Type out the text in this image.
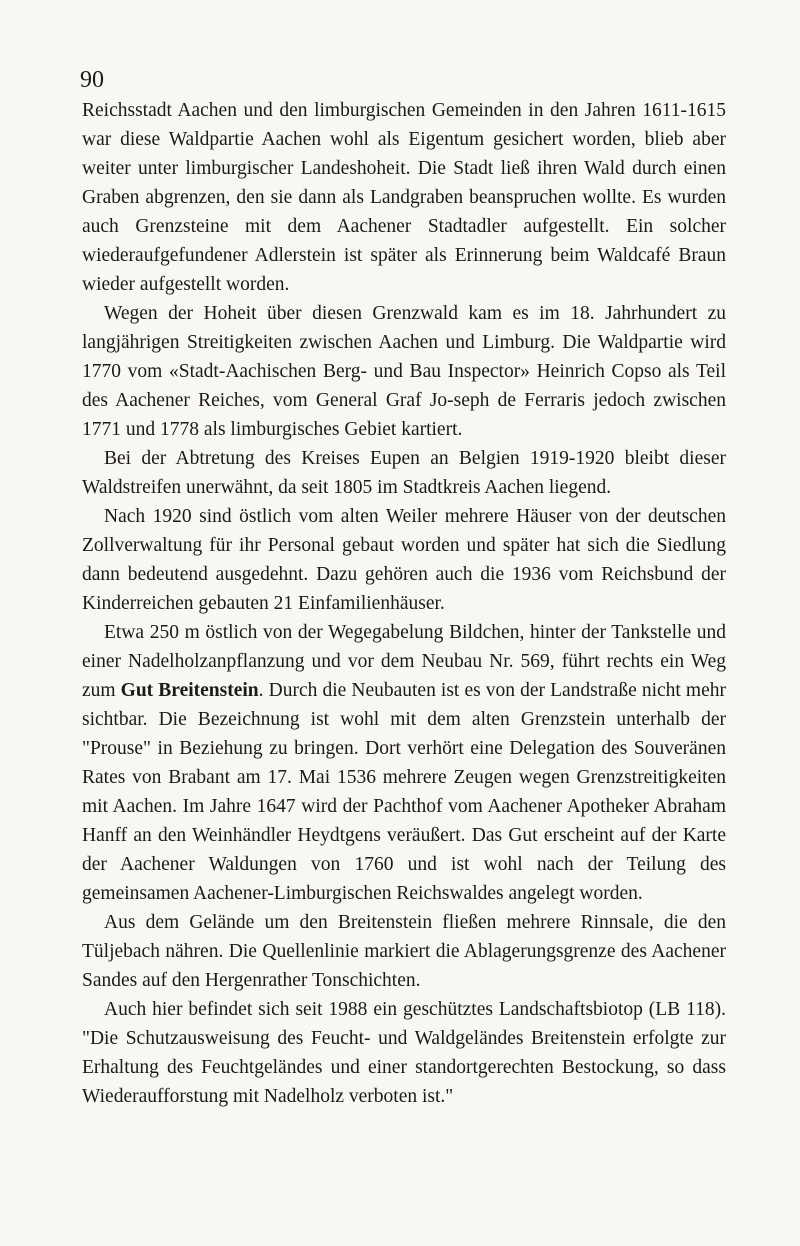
90

Reichsstadt Aachen und den limburgischen Gemeinden in den Jahren 1611-1615 war diese Waldpartie Aachen wohl als Eigentum gesichert worden, blieb aber weiter unter limburgischer Landeshoheit. Die Stadt ließ ihren Wald durch einen Graben abgrenzen, den sie dann als Landgraben beanspruchen wollte. Es wurden auch Grenzsteine mit dem Aachener Stadtadler aufgestellt. Ein solcher wiederaufgefundener Adlerstein ist später als Erinnerung beim Waldcafé Braun wieder aufgestellt worden.

Wegen der Hoheit über diesen Grenzwald kam es im 18. Jahrhundert zu langjährigen Streitigkeiten zwischen Aachen und Limburg. Die Waldpartie wird 1770 vom «Stadt-Aachischen Berg- und Bau Inspector» Heinrich Copso als Teil des Aachener Reiches, vom General Graf Jo-seph de Ferraris jedoch zwischen 1771 und 1778 als limburgisches Gebiet kartiert.

Bei der Abtretung des Kreises Eupen an Belgien 1919-1920 bleibt dieser Waldstreifen unerwähnt, da seit 1805 im Stadtkreis Aachen liegend.

Nach 1920 sind östlich vom alten Weiler mehrere Häuser von der deutschen Zollverwaltung für ihr Personal gebaut worden und später hat sich die Siedlung dann bedeutend ausgedehnt. Dazu gehören auch die 1936 vom Reichsbund der Kinderreichen gebauten 21 Einfamilienhäuser.

Etwa 250 m östlich von der Wegegabelung Bildchen, hinter der Tankstelle und einer Nadelholzanpflanzung und vor dem Neubau Nr. 569, führt rechts ein Weg zum Gut Breitenstein. Durch die Neubauten ist es von der Landstraße nicht mehr sichtbar. Die Bezeichnung ist wohl mit dem alten Grenzstein unterhalb der "Prouse" in Beziehung zu bringen. Dort verhört eine Delegation des Souveränen Rates von Brabant am 17. Mai 1536 mehrere Zeugen wegen Grenzstreitigkeiten mit Aachen. Im Jahre 1647 wird der Pachthof vom Aachener Apotheker Abraham Hanff an den Weinhändler Heydtgens veräußert. Das Gut erscheint auf der Karte der Aachener Waldungen von 1760 und ist wohl nach der Teilung des gemeinsamen Aachener-Limburgischen Reichswaldes angelegt worden.

Aus dem Gelände um den Breitenstein fließen mehrere Rinnsale, die den Tüljebach nähren. Die Quellenlinie markiert die Ablagerungsgrenze des Aachener Sandes auf den Hergenrather Tonschichten.

Auch hier befindet sich seit 1988 ein geschütztes Landschaftsbiotop (LB 118). "Die Schutzausweisung des Feucht- und Waldgeländes Breitenstein erfolgte zur Erhaltung des Feuchtgeländes und einer standortgerechten Bestockung, so dass Wiederaufforstung mit Nadelholz verboten ist."
